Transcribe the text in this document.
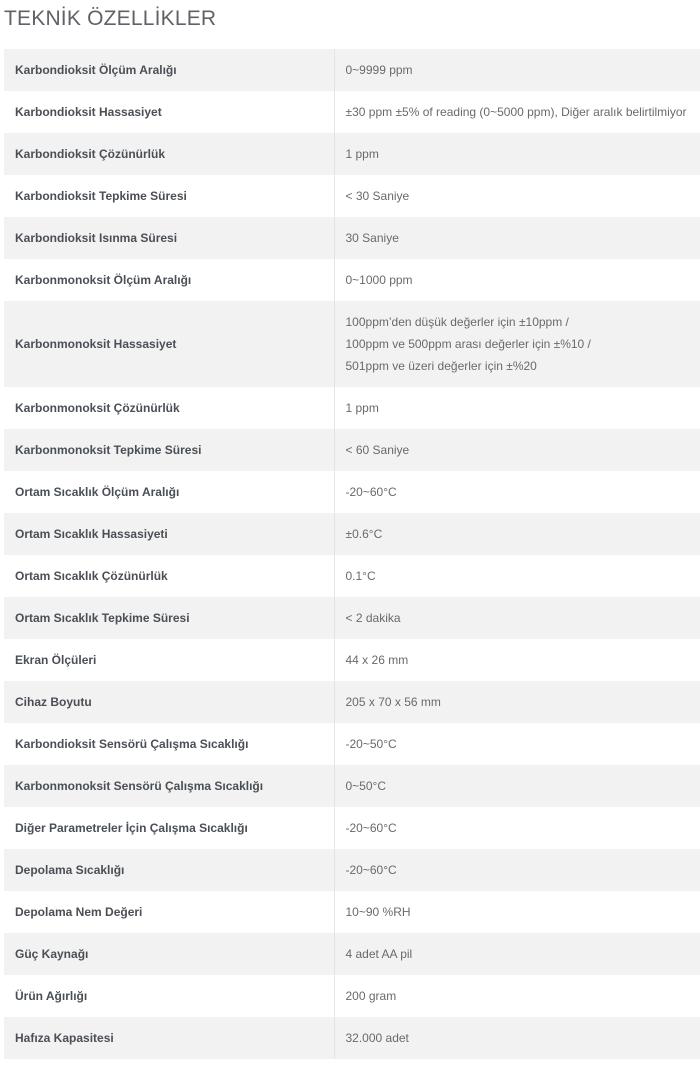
TEKNİK ÖZELLİKLER
Karbondioksit Ölçüm Aralığı	0~9999 ppm
Karbondioksit Hassasiyet	±30 ppm ±5% of reading (0~5000 ppm), Diğer aralık belirtilmiyor
Karbondioksit Çözünürlük	1 ppm
Karbondioksit Tepkime Süresi	< 30 Saniye
Karbondioksit Isınma Süresi	30 Saniye
Karbonmonoksit Ölçüm Aralığı	0~1000 ppm
Karbonmonoksit Hassasiyet	100ppm’den düşük değerler için ±10ppm /
100ppm ve 500ppm arası değerler için ±%10 /
501ppm ve üzeri değerler için ±%20

Karbonmonoksit Çözünürlük	1 ppm
Karbonmonoksit Tepkime Süresi	< 60 Saniye
Ortam Sıcaklık Ölçüm Aralığı	-20~60°C
Ortam Sıcaklık Hassasiyeti	±0.6°C
Ortam Sıcaklık Çözünürlük	0.1°C
Ortam Sıcaklık Tepkime Süresi	< 2 dakika
Ekran Ölçüleri	44 x 26 mm
Cihaz Boyutu	205 x 70 x 56 mm
Karbondioksit Sensörü Çalışma Sıcaklığı	-20~50°C
Karbonmonoksit Sensörü Çalışma Sıcaklığı	0~50°C
Diğer Parametreler İçin Çalışma Sıcaklığı	-20~60°C
Depolama Sıcaklığı	-20~60°C
Depolama Nem Değeri	10~90 %RH
Güç Kaynağı	4 adet AA pil
Ürün Ağırlığı	200 gram
Hafıza Kapasitesi	32.000 adet
